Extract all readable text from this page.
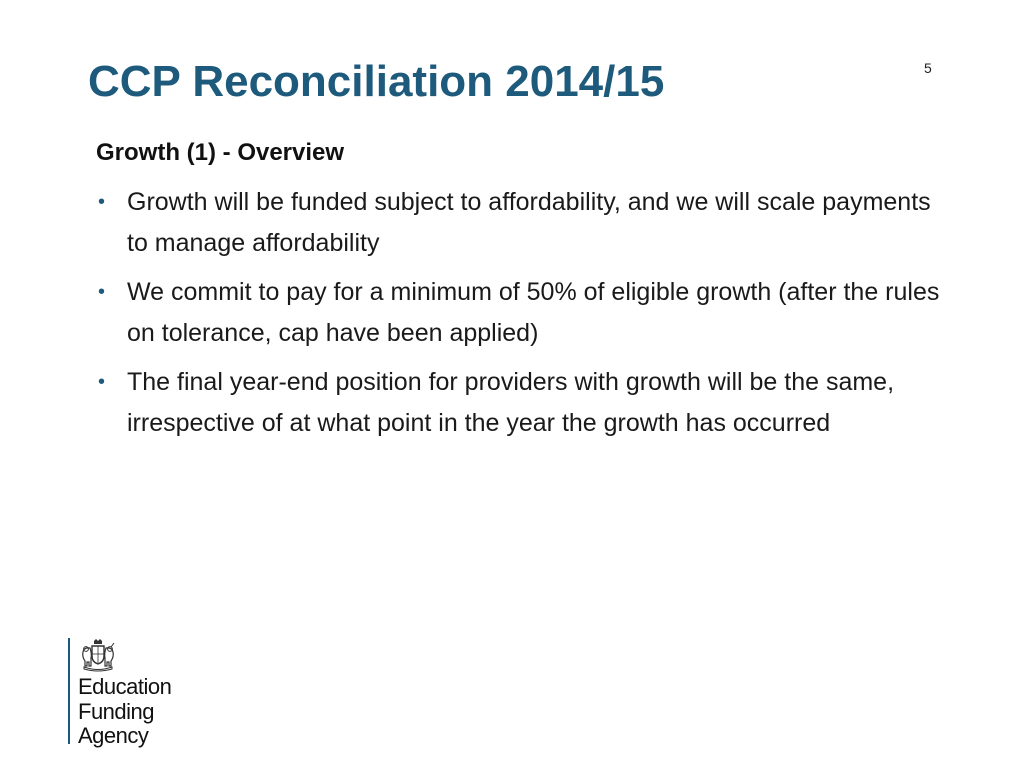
CCP Reconciliation 2014/15	5
Growth (1) - Overview
• Growth will be funded subject to affordability, and we will scale payments to manage affordability
• We commit to pay for a minimum of 50% of eligible growth (after the rules on tolerance, cap have been applied)
• The final year-end position for providers with growth will be the same, irrespective of at what point in the year the growth has occurred
Education
Funding
Agency
